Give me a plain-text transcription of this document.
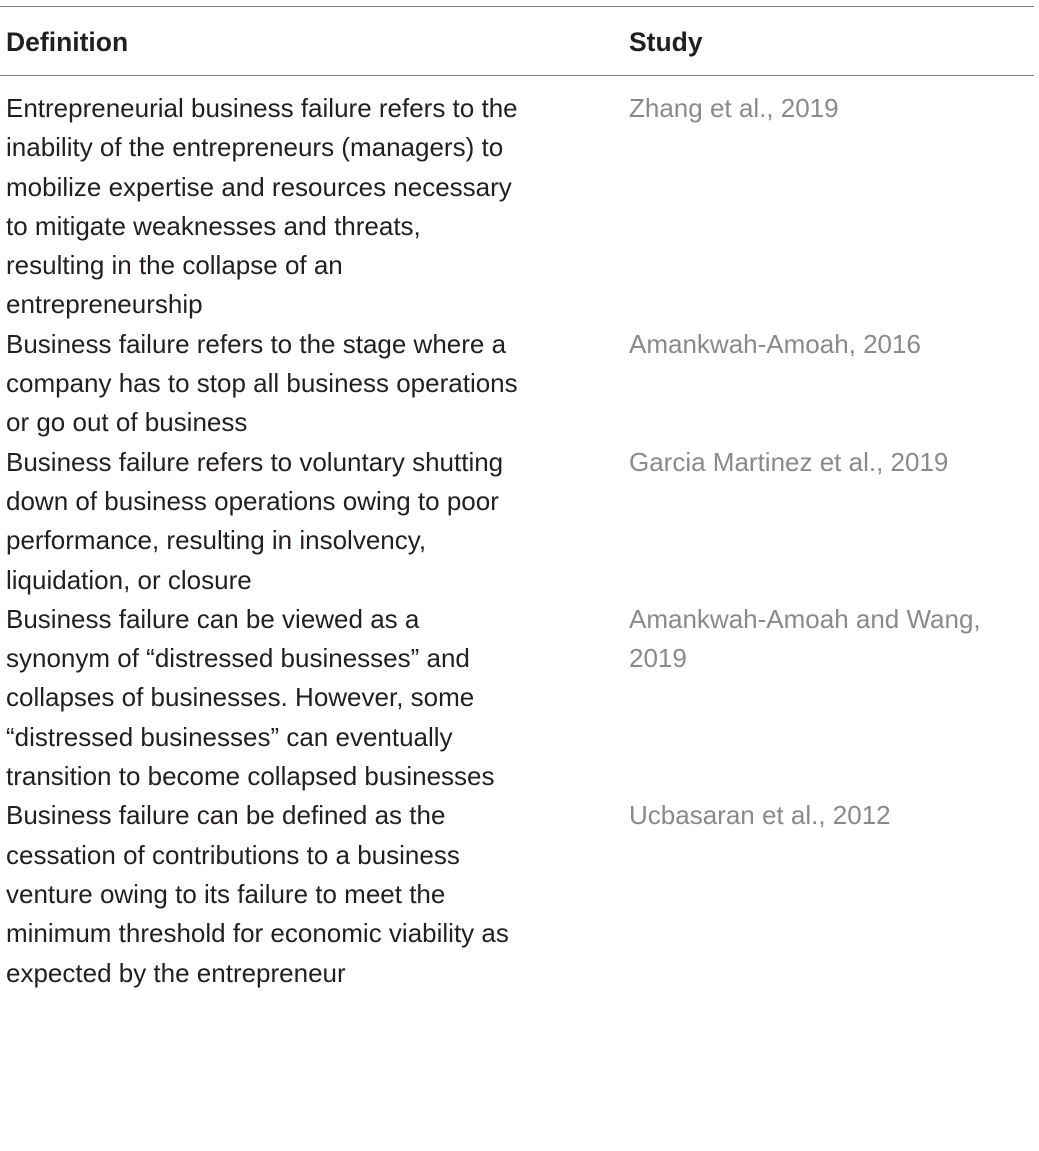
Definition	Study
Entrepreneurial business failure refers to the inability of the entrepreneurs (managers) to mobilize expertise and resources necessary to mitigate weaknesses and threats, resulting in the collapse of an entrepreneurship
Zhang et al., 2019
Business failure refers to the stage where a company has to stop all business operations or go out of business
Amankwah-Amoah, 2016
Business failure refers to voluntary shutting down of business operations owing to poor performance, resulting in insolvency, liquidation, or closure
Garcia Martinez et al., 2019
Business failure can be viewed as a synonym of “distressed businesses” and collapses of businesses. However, some “distressed businesses” can eventually transition to become collapsed businesses
Amankwah-Amoah and Wang, 2019
Business failure can be defined as the cessation of contributions to a business venture owing to its failure to meet the minimum threshold for economic viability as expected by the entrepreneur
Ucbasaran et al., 2012
